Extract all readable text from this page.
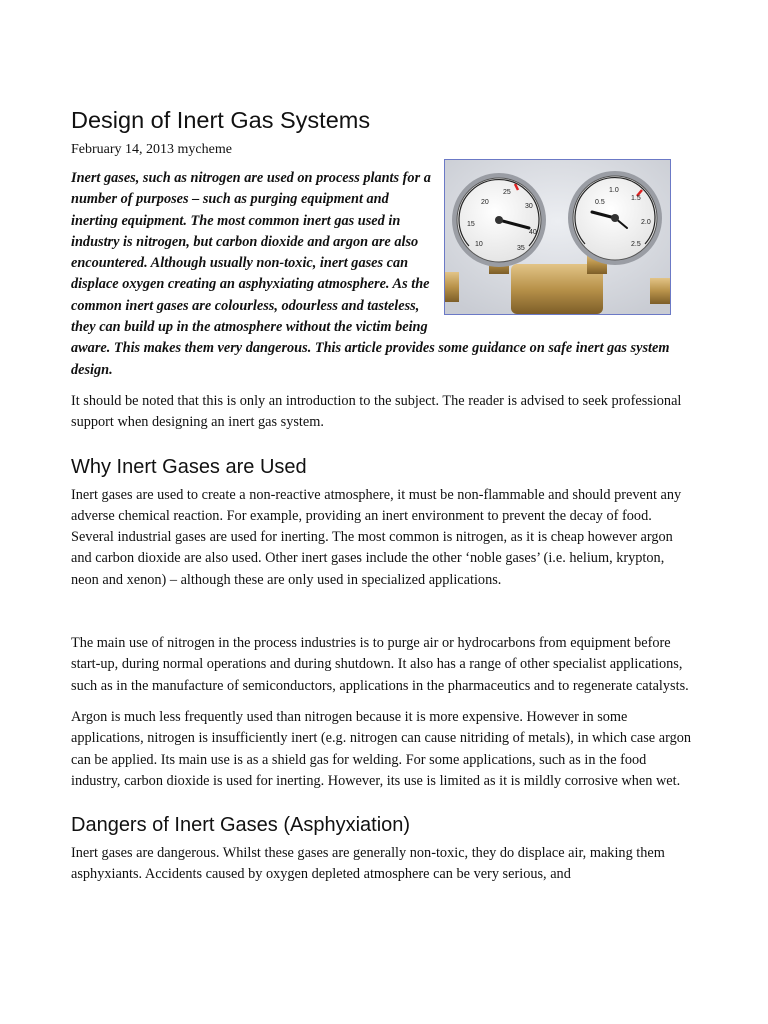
Design of Inert Gas Systems
February 14, 2013 mycheme
20
25
30
40
15
10
35
0.5
1.0
1.5
2.0
2.5

Inert gases, such as nitrogen are used on process plants for a number of purposes – such as purging equipment and inerting equipment. The most common inert gas used in industry is nitrogen, but carbon dioxide and argon are also encountered. Although usually non-toxic, inert gases can displace oxygen creating an asphyxiating atmosphere. As the common inert gases are colourless, odourless and tasteless, they can build up in the atmosphere without the victim being aware. This makes them very dangerous. This article provides some guidance on safe inert gas system design.

It should be noted that this is only an introduction to the subject. The reader is advised to seek professional support when designing an inert gas system.

Why Inert Gases are Used

Inert gases are used to create a non-reactive atmosphere, it must be non-flammable and should prevent any adverse chemical reaction. For example, providing an inert environment to prevent the decay of food. Several industrial gases are used for inerting. The most common is nitrogen, as it is cheap however argon and carbon dioxide are also used. Other inert gases include the other ‘noble gases’ (i.e. helium, krypton, neon and xenon) – although these are only used in specialized applications.

The main use of nitrogen in the process industries is to purge air or hydrocarbons from equipment before start-up, during normal operations and during shutdown. It also has a range of other specialist applications, such as in the manufacture of semiconductors, applications in the pharmaceutics and to regenerate catalysts.

Argon is much less frequently used than nitrogen because it is more expensive. However in some applications, nitrogen is insufficiently inert (e.g. nitrogen can cause nitriding of metals), in which case argon can be applied. Its main use is as a shield gas for welding. For some applications, such as in the food industry, carbon dioxide is used for inerting. However, its use is limited as it is mildly corrosive when wet.

Dangers of Inert Gases (Asphyxiation)

Inert gases are dangerous. Whilst these gases are generally non-toxic, they do displace air, making them asphyxiants. Accidents caused by oxygen depleted atmosphere can be very serious, and
